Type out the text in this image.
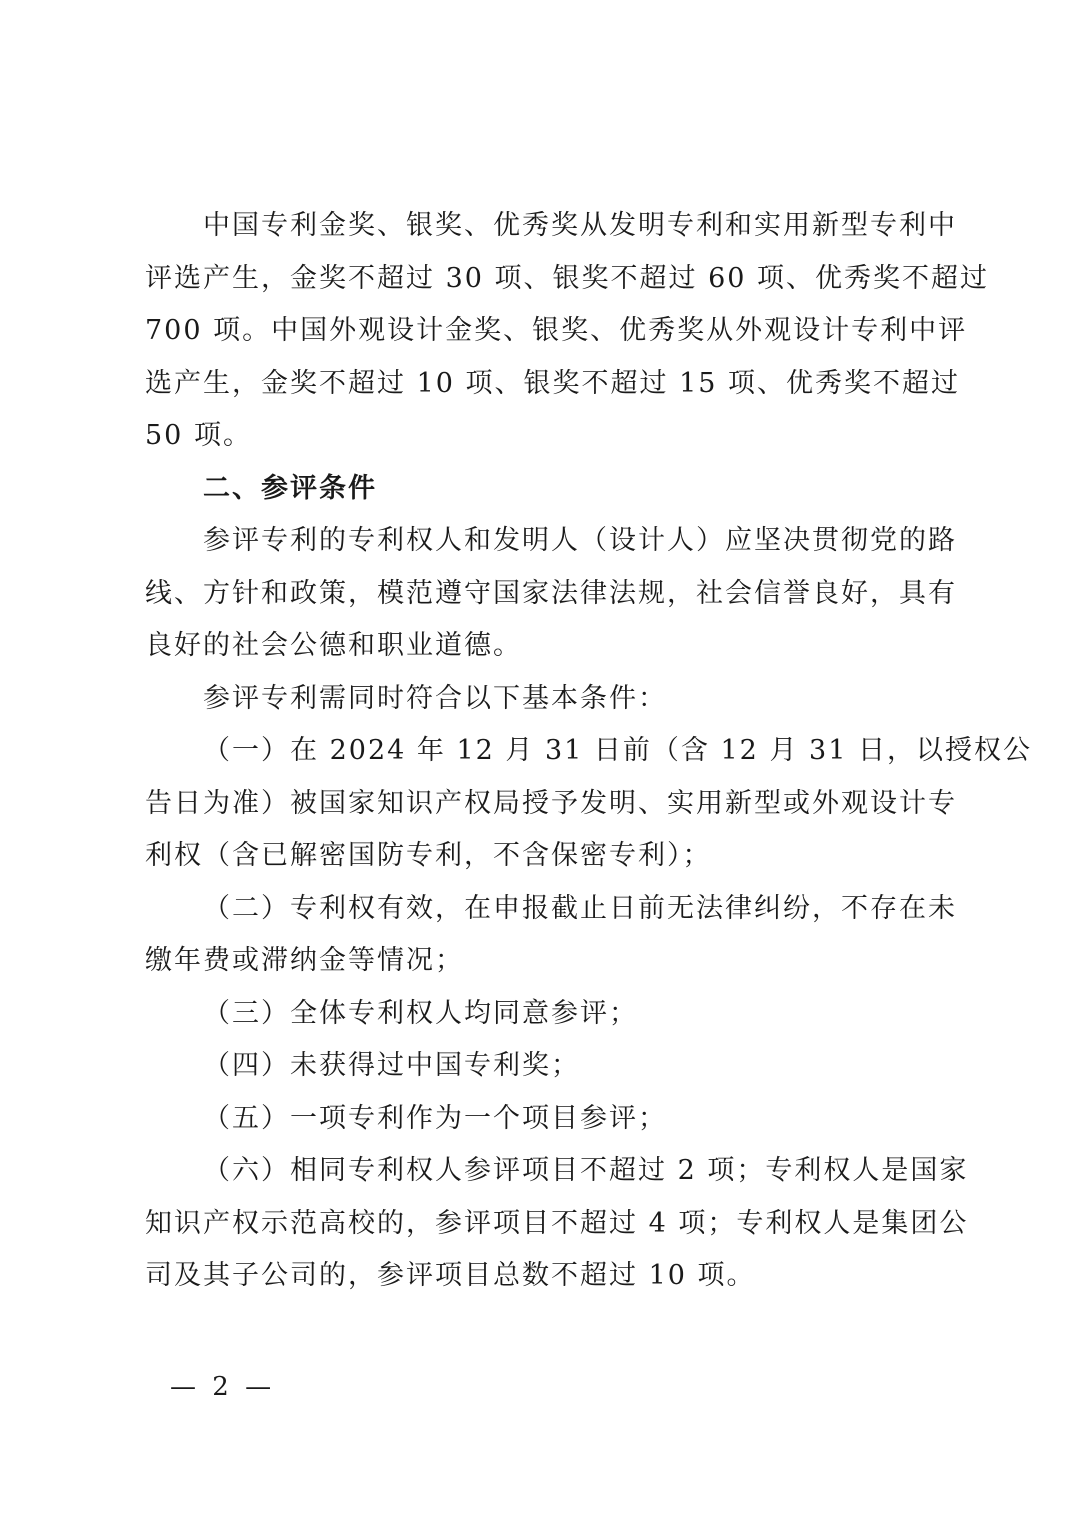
中国专利金奖、银奖、优秀奖从发明专利和实用新型专利中
评选产生，金奖不超过 30 项、银奖不超过 60 项、优秀奖不超过
700 项。中国外观设计金奖、银奖、优秀奖从外观设计专利中评
选产生，金奖不超过 10 项、银奖不超过 15 项、优秀奖不超过
50 项。
二、参评条件
参评专利的专利权人和发明人（设计人）应坚决贯彻党的路
线、方针和政策，模范遵守国家法律法规，社会信誉良好，具有
良好的社会公德和职业道德。
参评专利需同时符合以下基本条件：
（一）在 2024 年 12 月 31 日前（含 12 月 31 日，以授权公
告日为准）被国家知识产权局授予发明、实用新型或外观设计专
利权（含已解密国防专利，不含保密专利）；
（二）专利权有效，在申报截止日前无法律纠纷，不存在未
缴年费或滞纳金等情况；
（三）全体专利权人均同意参评；
（四）未获得过中国专利奖；
（五）一项专利作为一个项目参评；
（六）相同专利权人参评项目不超过 2 项；专利权人是国家
知识产权示范高校的，参评项目不超过 4 项；专利权人是集团公
司及其子公司的，参评项目总数不超过 10 项。
— 2 —
